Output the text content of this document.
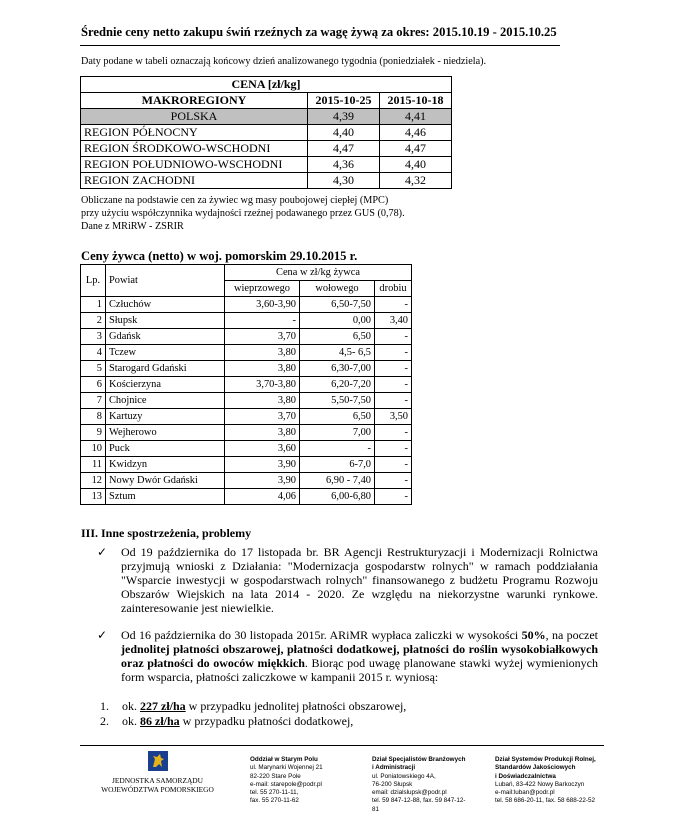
Średnie ceny netto zakupu świń rzeźnych za wagę żywą za okres: 2015.10.19 - 2015.10.25
Daty podane w tabeli oznaczają końcowy dzień analizowanego tygodnia (poniedziałek - niedziela).
CENA [zł/kg]		
MAKROREGIONY	2015-10-25	2015-10-18
POLSKA	4,39	4,41
REGION PÓŁNOCNY	4,40	4,46
REGION ŚRODKOWO-WSCHODNI	4,47	4,47
REGION POŁUDNIOWO-WSCHODNI	4,36	4,40
REGION ZACHODNI	4,30	4,32
Obliczane na podstawie cen za żywiec wg masy poubojowej ciepłej (MPC)
przy użyciu współczynnika wydajności rzeźnej podawanego przez GUS (0,78).
Dane z MRiRW - ZSRIR
Ceny żywca (netto) w woj. pomorskim 29.10.2015 r.
Lp.	Powiat	Cena w zł/kg żywca		
		wieprzowego	wołowego	drobiu
1	Człuchów	3,60-3,90	6,50-7,50	-
2	Słupsk	-	0,00	3,40
3	Gdańsk	3,70	6,50	-
4	Tczew	3,80	4,5- 6,5	-
5	Starogard Gdański	3,80	6,30-7,00	-
6	Kościerzyna	3,70-3,80	6,20-7,20	-
7	Chojnice	3,80	5,50-7,50	-
8	Kartuzy	3,70	6,50	3,50
9	Wejherowo	3,80	7,00	-
10	Puck	3,60	-	-
11	Kwidzyn	3,90	6-7,0	-
12	Nowy Dwór Gdański	3,90	6,90 - 7,40	-
13	Sztum	4,06	6,00-6,80	-
III. Inne spostrzeżenia, problemy
✓ Od 19 października do 17 listopada br. BR Agencji Restrukturyzacji i Modernizacji Rolnictwa przyjmują wnioski z Działania: "Modernizacja gospodarstw rolnych" w ramach poddziałania "Wsparcie inwestycji w gospodarstwach rolnych" finansowanego z budżetu Programu Rozwoju Obszarów Wiejskich na lata 2014 - 2020. Ze względu na niekorzystne warunki rynkowe. zainteresowanie jest niewielkie.
✓ Od 16 października do 30 listopada 2015r. ARiMR wypłaca zaliczki w wysokości 50%, na poczet jednolitej płatności obszarowej, płatności dodatkowej, płatności do roślin wysokobiałkowych oraz płatności do owoców miękkich. Biorąc pod uwagę planowane stawki wyżej wymienionych form wsparcia, płatności zaliczkowe w kampanii 2015 r. wyniosą:
1. ok. 227 zł/ha w przypadku jednolitej płatności obszarowej,
2. ok. 86 zł/ha w przypadku płatności dodatkowej,
JEDNOSTKA SAMORZĄDU
WOJEWÓDZTWA POMORSKIEGO
Oddział w Starym Polu
ul. Marynarki Wojennej 21
82-220 Stare Pole
e-mail: starepole@podr.pl
tel. 55 270-11-11,
fax. 55 270-11-62
Dział Specjalistów Branżowych
i Administracji
ul. Poniatowskiego 4A,
76-200 Słupsk
email: dzialslupsk@podr.pl
tel. 59 847-12-88, fax. 59 847-12-
81
Dział Systemów Produkcji Rolnej,
Standardów Jakościowych
i Doświadczalnictwa
Lubań, 83-422 Nowy Barkoczyn
e-mail:luban@podr.pl
tel. 58 686-20-11, fax. 58 688-22-52
